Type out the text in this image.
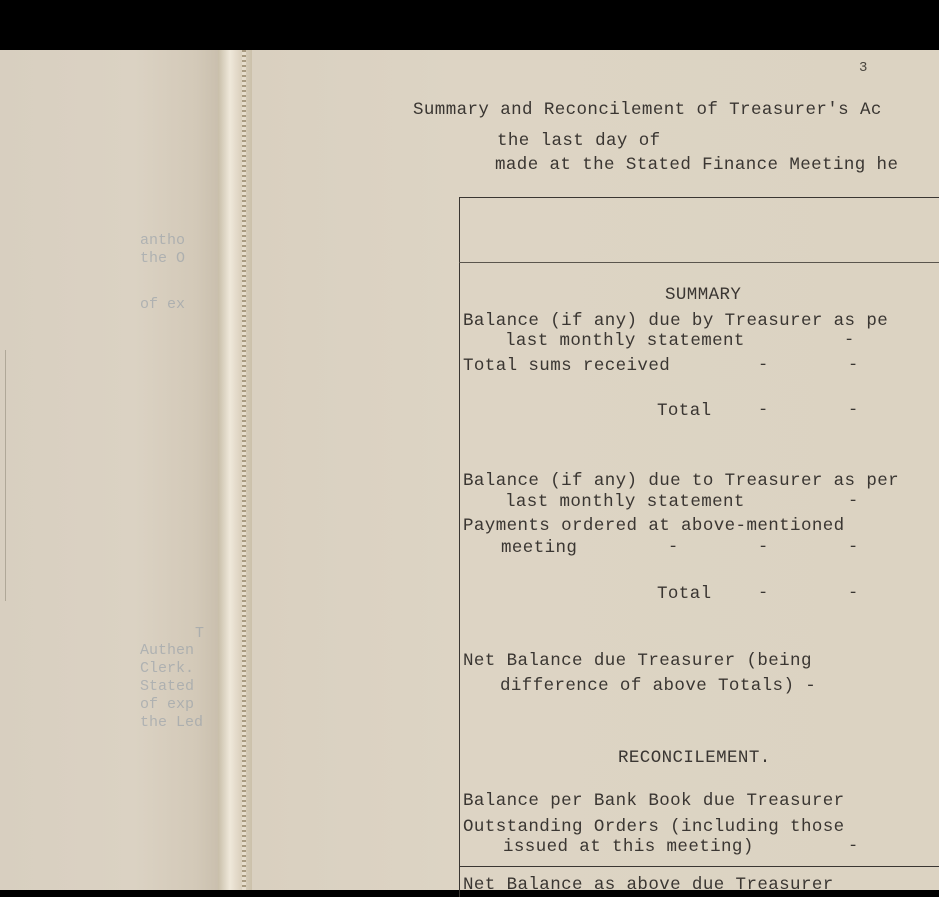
antho
the O
of ex
T
Authen
Clerk.
Stated
of exp
the Led
3
Summary and Reconcilement of Treasurer's Ac
the last day of
made at the Stated Finance Meeting he
SUMMARY
Balance (if any) due by Treasurer as pe
last monthly statement	-
Total sums received	-	-
Total	-	-
Balance (if any) due to Treasurer as per
last monthly statement	-
Payments ordered at above-mentioned
meeting	-	-	-
Total	-	-
Net Balance due Treasurer (being
difference of above Totals) -
RECONCILEMENT.
Balance per Bank Book due Treasurer
Outstanding Orders (including those
issued at this meeting)	-
Net Balance as above due Treasurer
